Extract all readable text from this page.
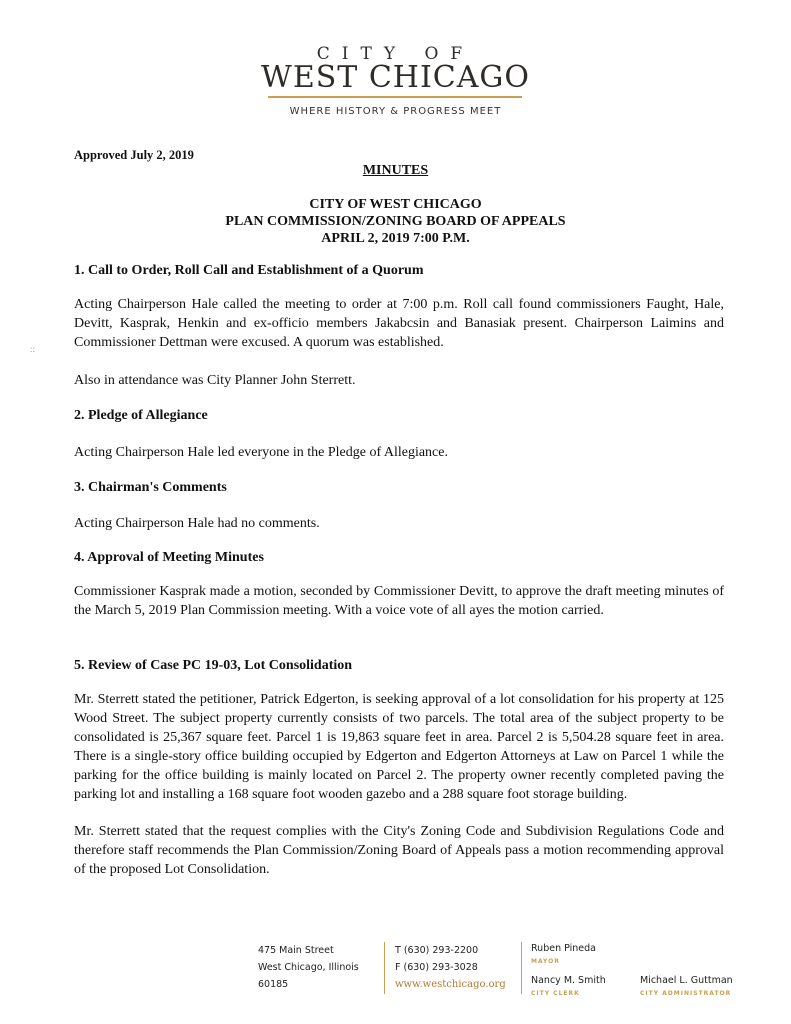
CITY OF
WEST CHICAGO
WHERE HISTORY & PROGRESS MEET
Approved July 2, 2019
MINUTES
CITY OF WEST CHICAGO
PLAN COMMISSION/ZONING BOARD OF APPEALS
APRIL 2, 2019 7:00 P.M.
::
1. Call to Order, Roll Call and Establishment of a Quorum
Acting Chairperson Hale called the meeting to order at 7:00 p.m. Roll call found commissioners Faught, Hale, Devitt, Kasprak, Henkin and ex-officio members Jakabcsin and Banasiak present. Chairperson Laimins and Commissioner Dettman were excused. A quorum was established.
Also in attendance was City Planner John Sterrett.
2. Pledge of Allegiance
Acting Chairperson Hale led everyone in the Pledge of Allegiance.
3. Chairman's Comments
Acting Chairperson Hale had no comments.
4. Approval of Meeting Minutes
Commissioner Kasprak made a motion, seconded by Commissioner Devitt, to approve the draft meeting minutes of the March 5, 2019 Plan Commission meeting. With a voice vote of all ayes the motion carried.
5. Review of Case PC 19-03, Lot Consolidation
Mr. Sterrett stated the petitioner, Patrick Edgerton, is seeking approval of a lot consolidation for his property at 125 Wood Street. The subject property currently consists of two parcels. The total area of the subject property to be consolidated is 25,367 square feet. Parcel 1 is 19,863 square feet in area. Parcel 2 is 5,504.28 square feet in area. There is a single-story office building occupied by Edgerton and Edgerton Attorneys at Law on Parcel 1 while the parking for the office building is mainly located on Parcel 2. The property owner recently completed paving the parking lot and installing a 168 square foot wooden gazebo and a 288 square foot storage building.
Mr. Sterrett stated that the request complies with the City's Zoning Code and Subdivision Regulations Code and therefore staff recommends the Plan Commission/Zoning Board of Appeals pass a motion recommending approval of the proposed Lot Consolidation.
475 Main Street
West Chicago, Illinois
60185
T (630) 293-2200
F (630) 293-3028
www.westchicago.org
Ruben Pineda
MAYOR
Nancy M. Smith
CITY CLERK
Michael L. Guttman
CITY ADMINISTRATOR
